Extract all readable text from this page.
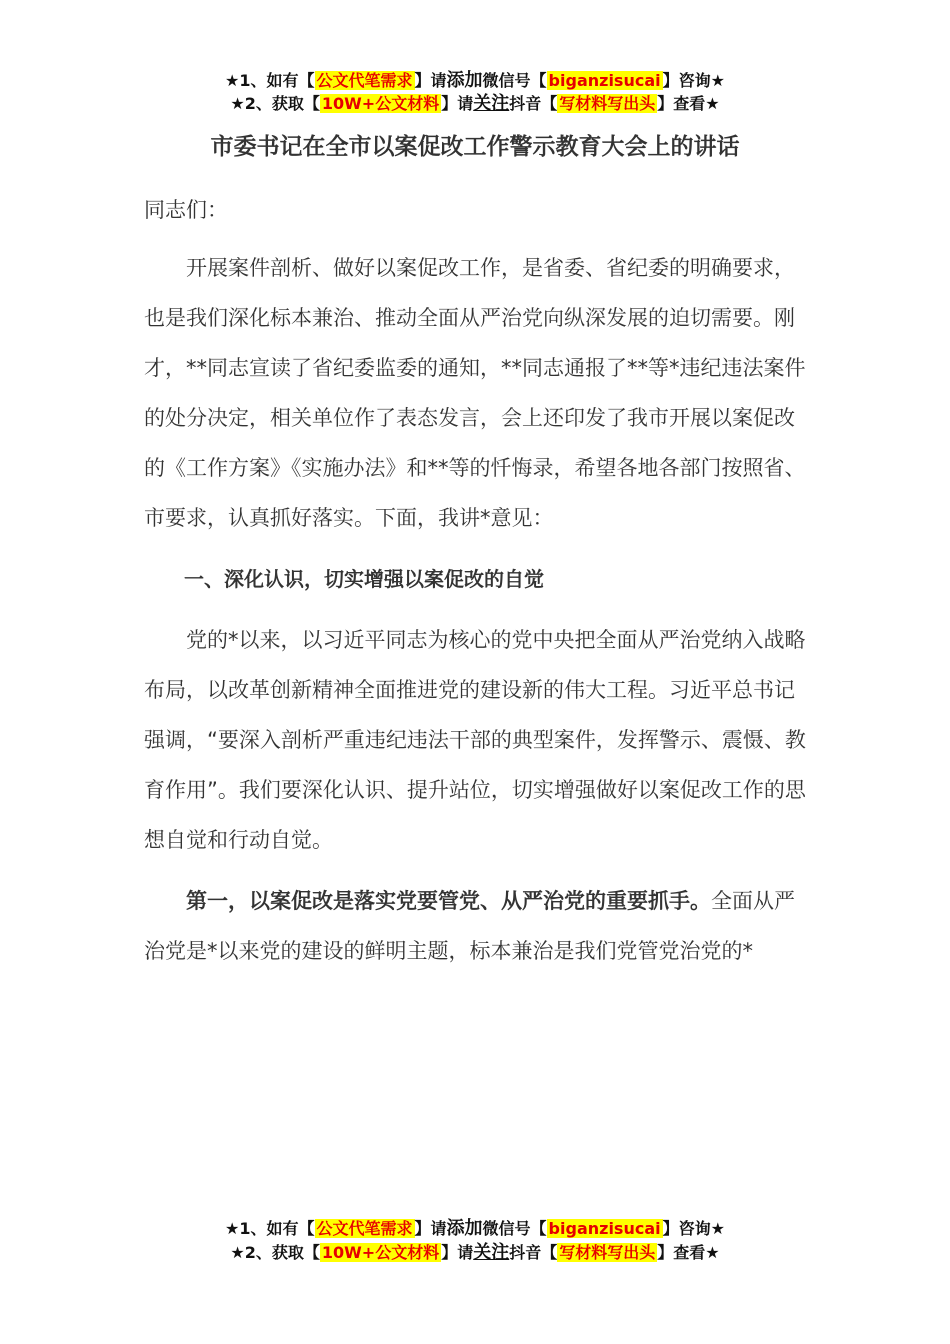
★1、如有【 公文代笔需求 】请添加微信号【 biganzisucai 】咨询★
★2、获取【 10W+公文材料 】请关注抖音【 写材料写出头 】查看★
市委书记在全市以案促改工作警示教育大会上的讲话
同志们：

开展案件剖析、做好以案促改工作，是省委、省纪委的明确要求，也是我们深化标本兼治、推动全面从严治党向纵深发展的迫切需要。刚才，**同志宣读了省纪委监委的通知，**同志通报了**等*违纪违法案件的处分决定，相关单位作了表态发言，会上还印发了我市开展以案促改的《工作方案》《实施办法》和**等的忏悔录，希望各地各部门按照省、市要求，认真抓好落实。下面，我讲*意见：

一、深化认识，切实增强以案促改的自觉

党的*以来，以习近平同志为核心的党中央把全面从严治党纳入战略布局，以改革创新精神全面推进党的建设新的伟大工程。习近平总书记强调，“要深入剖析严重违纪违法干部的典型案件，发挥警示、震慑、教育作用”。我们要深化认识、提升站位，切实增强做好以案促改工作的思想自觉和行动自觉。

第一，以案促改是落实党要管党、从严治党的重要抓手。全面从严治党是*以来党的建设的鲜明主题，标本兼治是我们党管党治党的*

★1、如有【 公文代笔需求 】请添加微信号【 biganzisucai 】咨询★
★2、获取【 10W+公文材料 】请关注抖音【 写材料写出头 】查看★
